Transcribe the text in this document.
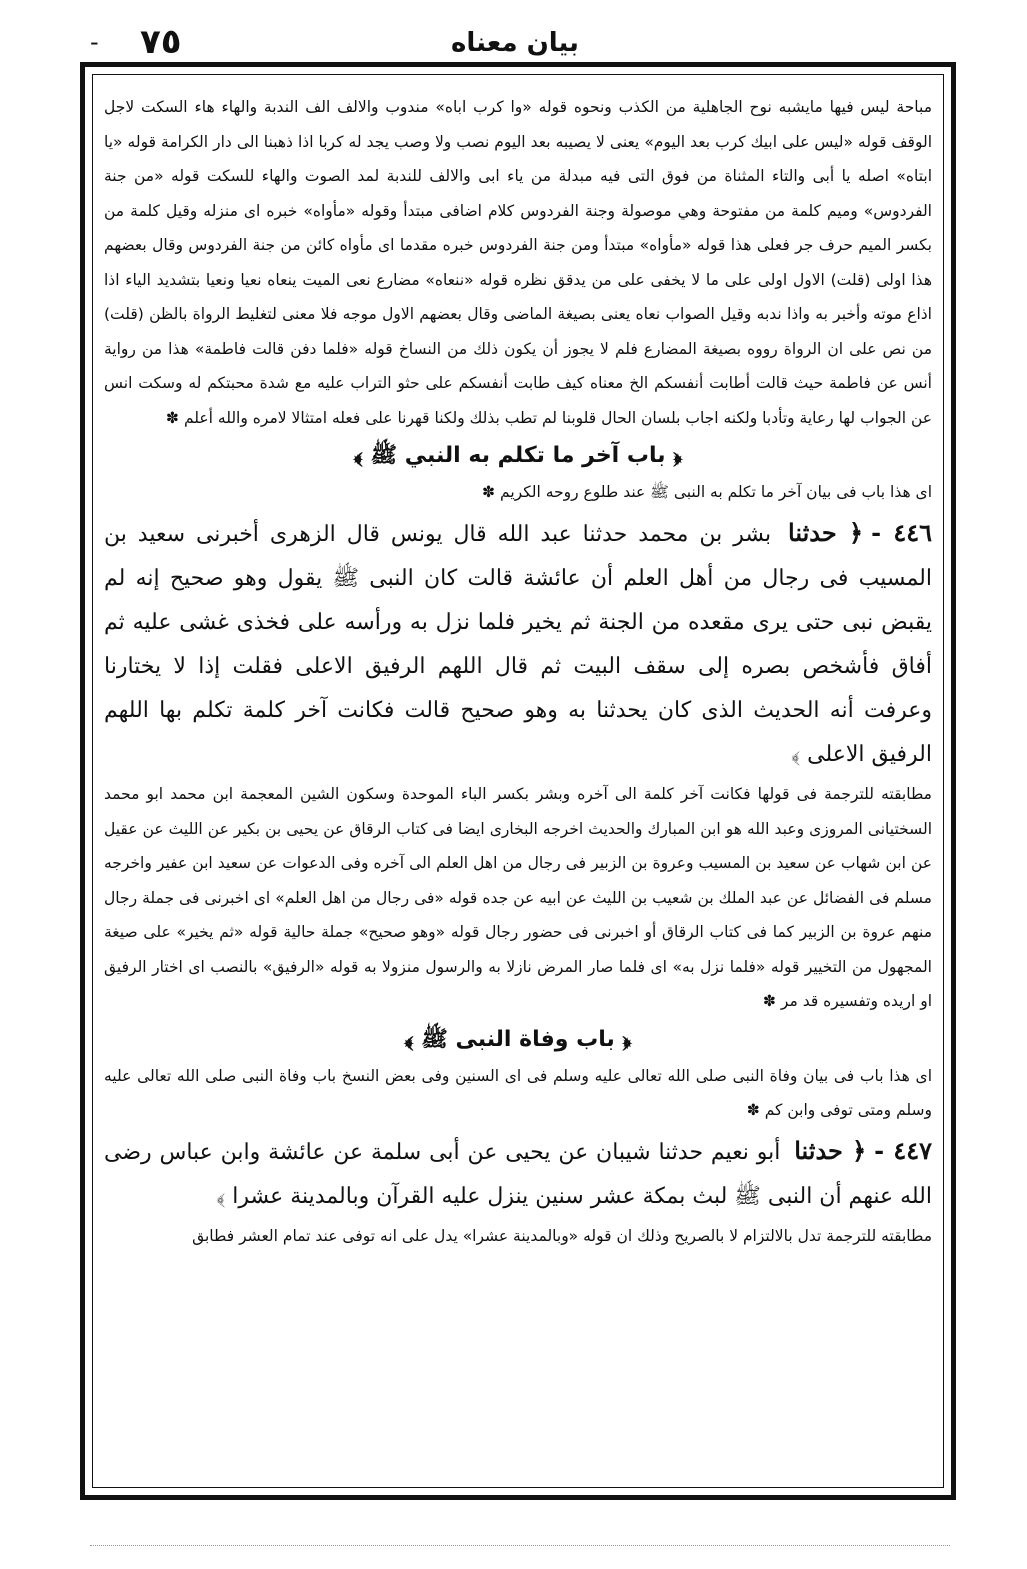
- ٧٥	بيان معناه

مباحة ليس فيها مايشبه نوح الجاهلية من الكذب ونحوه قوله «وا كرب اباه» مندوب والالف الف الندبة والهاء هاء السكت لاجل الوقف قوله «ليس على ابيك كرب بعد اليوم» يعنى لا يصيبه بعد اليوم نصب ولا وصب يجد له كربا اذا ذهبنا الى دار الكرامة قوله «يا ابتاه» اصله يا أبى والتاء المثناة من فوق التى فيه مبدلة من ياء ابى والالف للندبة لمد الصوت والهاء للسكت قوله «من جنة الفردوس» وميم كلمة من مفتوحة وهي موصولة وجنة الفردوس كلام اضافى مبتدأ وقوله «مأواه» خبره اى منزله وقيل كلمة من بكسر الميم حرف جر فعلى هذا قوله «مأواه» مبتدأ ومن جنة الفردوس خبره مقدما اى مأواه كائن من جنة الفردوس وقال بعضهم هذا اولى (قلت) الاول اولى على ما لا يخفى على من يدقق نظره قوله «ننعاه» مضارع نعى الميت ينعاه نعيا ونعيا بتشديد الياء اذا اذاع موته وأخبر به واذا ندبه وقيل الصواب نعاه يعنى بصيغة الماضى وقال بعضهم الاول موجه فلا معنى لتغليط الرواة بالظن (قلت) من نص على ان الرواة رووه بصيغة المضارع فلم لا يجوز أن يكون ذلك من النساخ قوله «فلما دفن قالت فاطمة» هذا من رواية أنس عن فاطمة حيث قالت أطابت أنفسكم الخ معناه كيف طابت أنفسكم على حثو التراب عليه مع شدة محبتكم له وسكت انس عن الجواب لها رعاية وتأدبا ولكنه اجاب بلسان الحال قلوبنا لم تطب بذلك ولكنا قهرنا على فعله امتثالا لامره والله أعلم ✽

﴿ باب آخر ما تكلم به النبي ﷺ ﴾

اى هذا باب فى بيان آخر ما تكلم به النبى ﷺ عند طلوع روحه الكريم ✽

٤٤٦ -﴿ حدثنا بشر بن محمد حدثنا عبد الله قال يونس قال الزهرى أخبرنى سعيد بن المسيب فى رجال من أهل العلم أن عائشة قالت كان النبى ﷺ يقول وهو صحيح إنه لم يقبض نبى حتى يرى مقعده من الجنة ثم يخير فلما نزل به ورأسه على فخذى غشى عليه ثم أفاق فأشخص بصره إلى سقف البيت ثم قال اللهم الرفيق الاعلى فقلت إذا لا يختارنا وعرفت أنه الحديث الذى كان يحدثنا به وهو صحيح قالت فكانت آخر كلمة تكلم بها اللهم الرفيق الاعلى ﴾

مطابقته للترجمة فى قولها فكانت آخر كلمة الى آخره وبشر بكسر الباء الموحدة وسكون الشين المعجمة ابن محمد ابو محمد السختيانى المروزى وعبد الله هو ابن المبارك والحديث اخرجه البخارى ايضا فى كتاب الرقاق عن يحيى بن بكير عن الليث عن عقيل عن ابن شهاب عن سعيد بن المسيب وعروة بن الزبير فى رجال من اهل العلم الى آخره وفى الدعوات عن سعيد ابن عفير واخرجه مسلم فى الفضائل عن عبد الملك بن شعيب بن الليث عن ابيه عن جده قوله «فى رجال من اهل العلم» اى اخبرنى فى جملة رجال منهم عروة بن الزبير كما فى كتاب الرقاق أو اخبرنى فى حضور رجال قوله «وهو صحيح» جملة حالية قوله «ثم يخير» على صيغة المجهول من التخيير قوله «فلما نزل به» اى فلما صار المرض نازلا به والرسول منزولا به قوله «الرفيق» بالنصب اى اختار الرفيق او اريده وتفسيره قد مر ✽

﴿ باب وفاة النبى ﷺ ﴾

اى هذا باب فى بيان وفاة النبى صلى الله تعالى عليه وسلم فى اى السنين وفى بعض النسخ باب وفاة النبى صلى الله تعالى عليه وسلم ومتى توفى وابن كم ✽

٤٤٧ -﴿ حدثنا أبو نعيم حدثنا شيبان عن يحيى عن أبى سلمة عن عائشة وابن عباس رضى الله عنهم أن النبى ﷺ لبث بمكة عشر سنين ينزل عليه القرآن وبالمدينة عشرا ﴾

مطابقته للترجمة تدل بالالتزام لا بالصريح وذلك ان قوله «وبالمدينة عشرا» يدل على انه توفى عند تمام العشر فطابق
